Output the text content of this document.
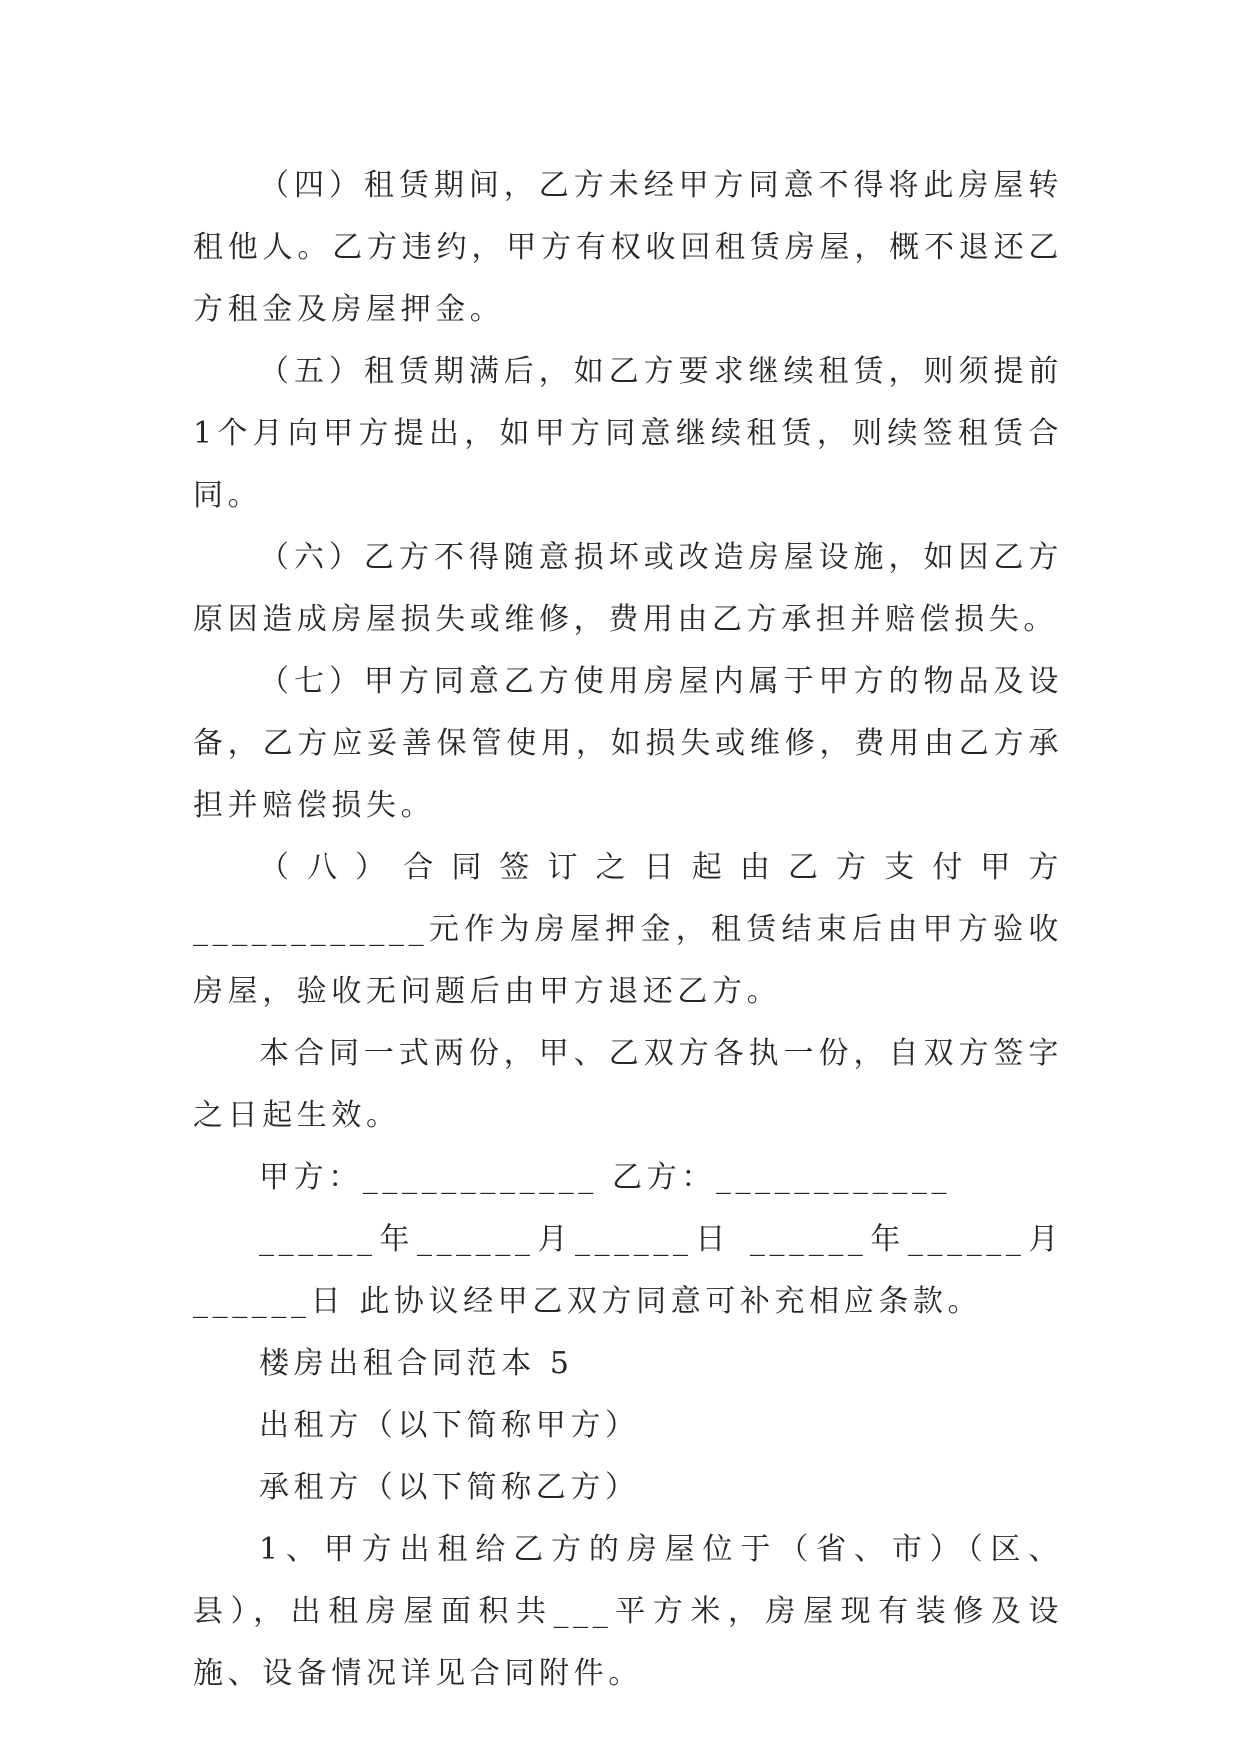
（四）租赁期间，乙方未经甲方同意不得将此房屋转租他人。乙方违约，甲方有权收回租赁房屋，概不退还乙方租金及房屋押金。

（五）租赁期满后，如乙方要求继续租赁，则须提前 1个月向甲方提出，如甲方同意继续租赁，则续签租赁合同。

（六）乙方不得随意损坏或改造房屋设施，如因乙方原因造成房屋损失或维修，费用由乙方承担并赔偿损失。

（七）甲方同意乙方使用房屋内属于甲方的物品及设备，乙方应妥善保管使用，如损失或维修，费用由乙方承担并赔偿损失。

（八）合同签订之日起由乙方支付甲方____________元作为房屋押金，租赁结束后由甲方验收房屋，验收无问题后由甲方退还乙方。

本合同一式两份，甲、乙双方各执一份，自双方签字之日起生效。

甲方：____________ 乙方：____________

______年______月______日 ______年______月______日 此协议经甲乙双方同意可补充相应条款。

楼房出租合同范本 5

出租方（以下简称甲方）

承租方（以下简称乙方）

1、甲方出租给乙方的房屋位于（省、市）（区、县），出租房屋面积共___平方米，房屋现有装修及设施、设备情况详见合同附件。
